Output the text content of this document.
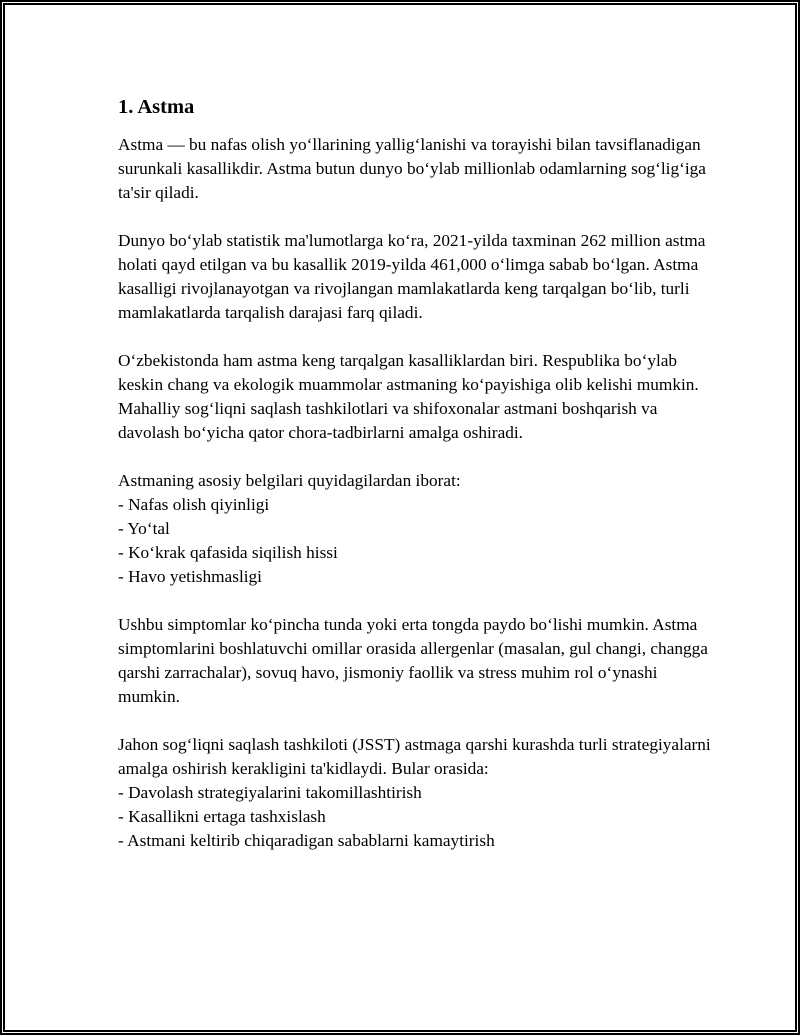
1. Astma

Astma — bu nafas olish yo‘llarining yallig‘lanishi va torayishi bilan tavsiflanadigan surunkali kasallikdir. Astma butun dunyo bo‘ylab millionlab odamlarning sog‘lig‘iga ta'sir qiladi.

Dunyo bo‘ylab statistik ma'lumotlarga ko‘ra, 2021-yilda taxminan 262 million astma holati qayd etilgan va bu kasallik 2019-yilda 461,000 o‘limga sabab bo‘lgan. Astma kasalligi rivojlanayotgan va rivojlangan mamlakatlarda keng tarqalgan bo‘lib, turli mamlakatlarda tarqalish darajasi farq qiladi.

O‘zbekistonda ham astma keng tarqalgan kasalliklardan biri. Respublika bo‘ylab keskin chang va ekologik muammolar astmaning ko‘payishiga olib kelishi mumkin. Mahalliy sog‘liqni saqlash tashkilotlari va shifoxonalar astmani boshqarish va davolash bo‘yicha qator chora-tadbirlarni amalga oshiradi.

Astmaning asosiy belgilari quyidagilardan iborat:
- Nafas olish qiyinligi
- Yo‘tal
- Ko‘krak qafasida siqilish hissi
- Havo yetishmasligi

Ushbu simptomlar ko‘pincha tunda yoki erta tongda paydo bo‘lishi mumkin. Astma simptomlarini boshlatuvchi omillar orasida allergenlar (masalan, gul changi, changga qarshi zarrachalar), sovuq havo, jismoniy faollik va stress muhim rol o‘ynashi mumkin.

Jahon sog‘liqni saqlash tashkiloti (JSST) astmaga qarshi kurashda turli strategiyalarni amalga oshirish kerakligini ta'kidlaydi. Bular orasida:
- Davolash strategiyalarini takomillashtirish
- Kasallikni ertaga tashxislash
- Astmani keltirib chiqaradigan sabablarni kamaytirish
